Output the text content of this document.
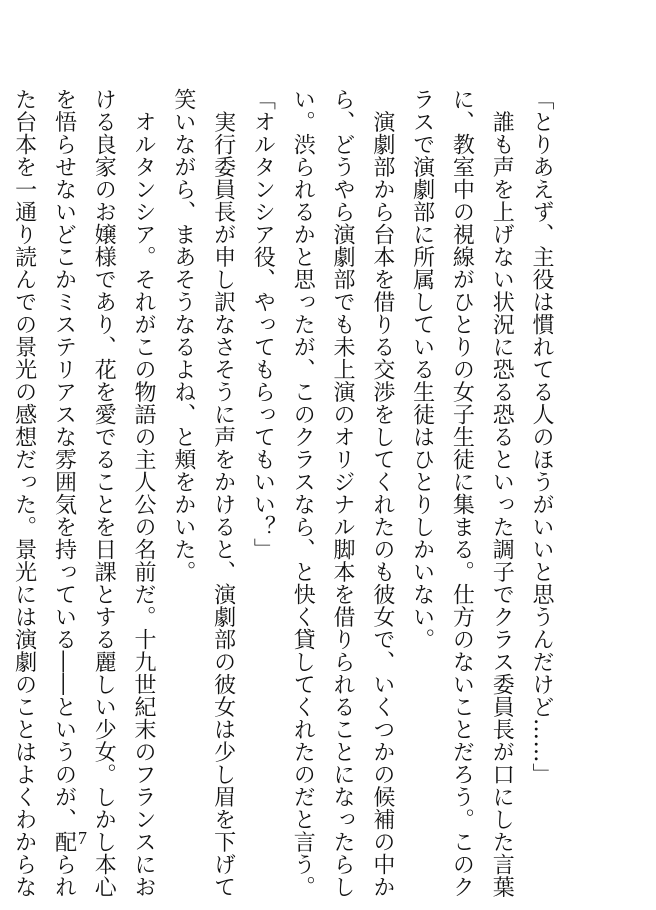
「とりあえず、主役は慣れてる人のほうがいいと思うんだけど……」
　誰も声を上げない状況に恐る恐るといった調子でクラス委員長が口にした言葉
に、教室中の視線がひとりの女子生徒に集まる。仕方のないことだろう。このク
ラスで演劇部に所属している生徒はひとりしかいない。
　演劇部から台本を借りる交渉をしてくれたのも彼女で、いくつかの候補の中か
ら、どうやら演劇部でも未上演のオリジナル脚本を借りられることになったらし
い。渋られるかと思ったが、このクラスなら、と快く貸してくれたのだと言う。
「オルタンシア役、やってもらってもいい？」
　実行委員長が申し訳なさそうに声をかけると、演劇部の彼女は少し眉を下げて
笑いながら、まあそうなるよね、と頬をかいた。
　オルタンシア。それがこの物語の主人公の名前だ。十九世紀末のフランスにお
ける良家のお嬢様であり、花を愛でることを日課とする麗しい少女。しかし本心
を悟らせないどこかミステリアスな雰囲気を持っている――というのが、配られ
た台本を一通り読んでの景光の感想だった。景光には演劇のことはよくわからな	7
